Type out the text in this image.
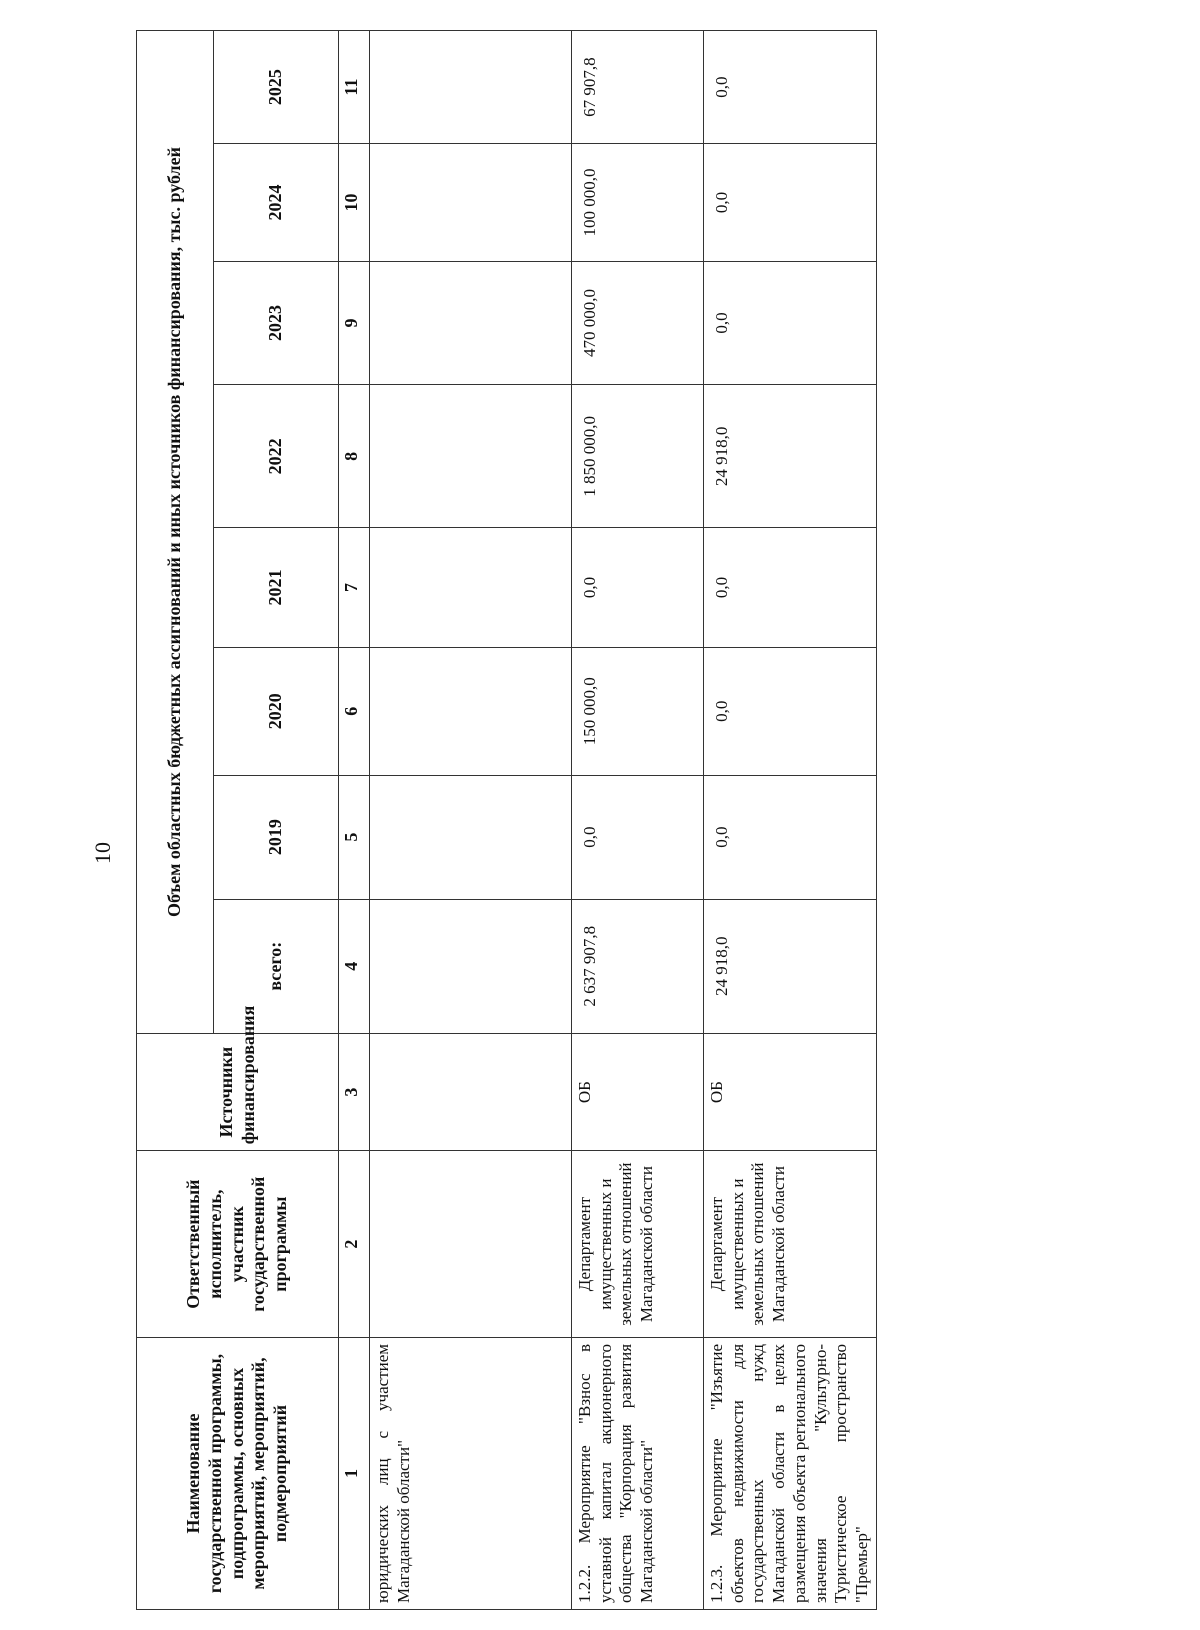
10
Наименование государственной программы, подпрограммы, основных мероприятий, мероприятий, подмероприятий	Ответственный исполнитель, участник государственной программы	Источники финансирования	Объем областных бюджетных ассигнований и иных источников финансирования, тыс. рублей							
			всего:	2019	2020	2021	2022	2023	2024	2025
1	2	3	4	5	6	7	8	9	10	11
юридических лиц с участием Магаданской области"										
1.2.2. Мероприятие "Взнос в уставной капитал акционерного общества "Корпорация развития Магаданской области"	Департамент имущественных и земельных отношений Магаданской области	ОБ	2 637 907,8	0,0	150 000,0	0,0	1 850 000,0	470 000,0	100 000,0	67 907,8
1.2.3. Мероприятие "Изъятие объектов недвижимости для государственных нужд Магаданской области в целях размещения объекта регионального значения "Культурно-Туристическое пространство "Премьер"	Департамент имущественных и земельных отношений Магаданской области	ОБ	24 918,0	0,0	0,0	0,0	24 918,0	0,0	0,0	0,0
